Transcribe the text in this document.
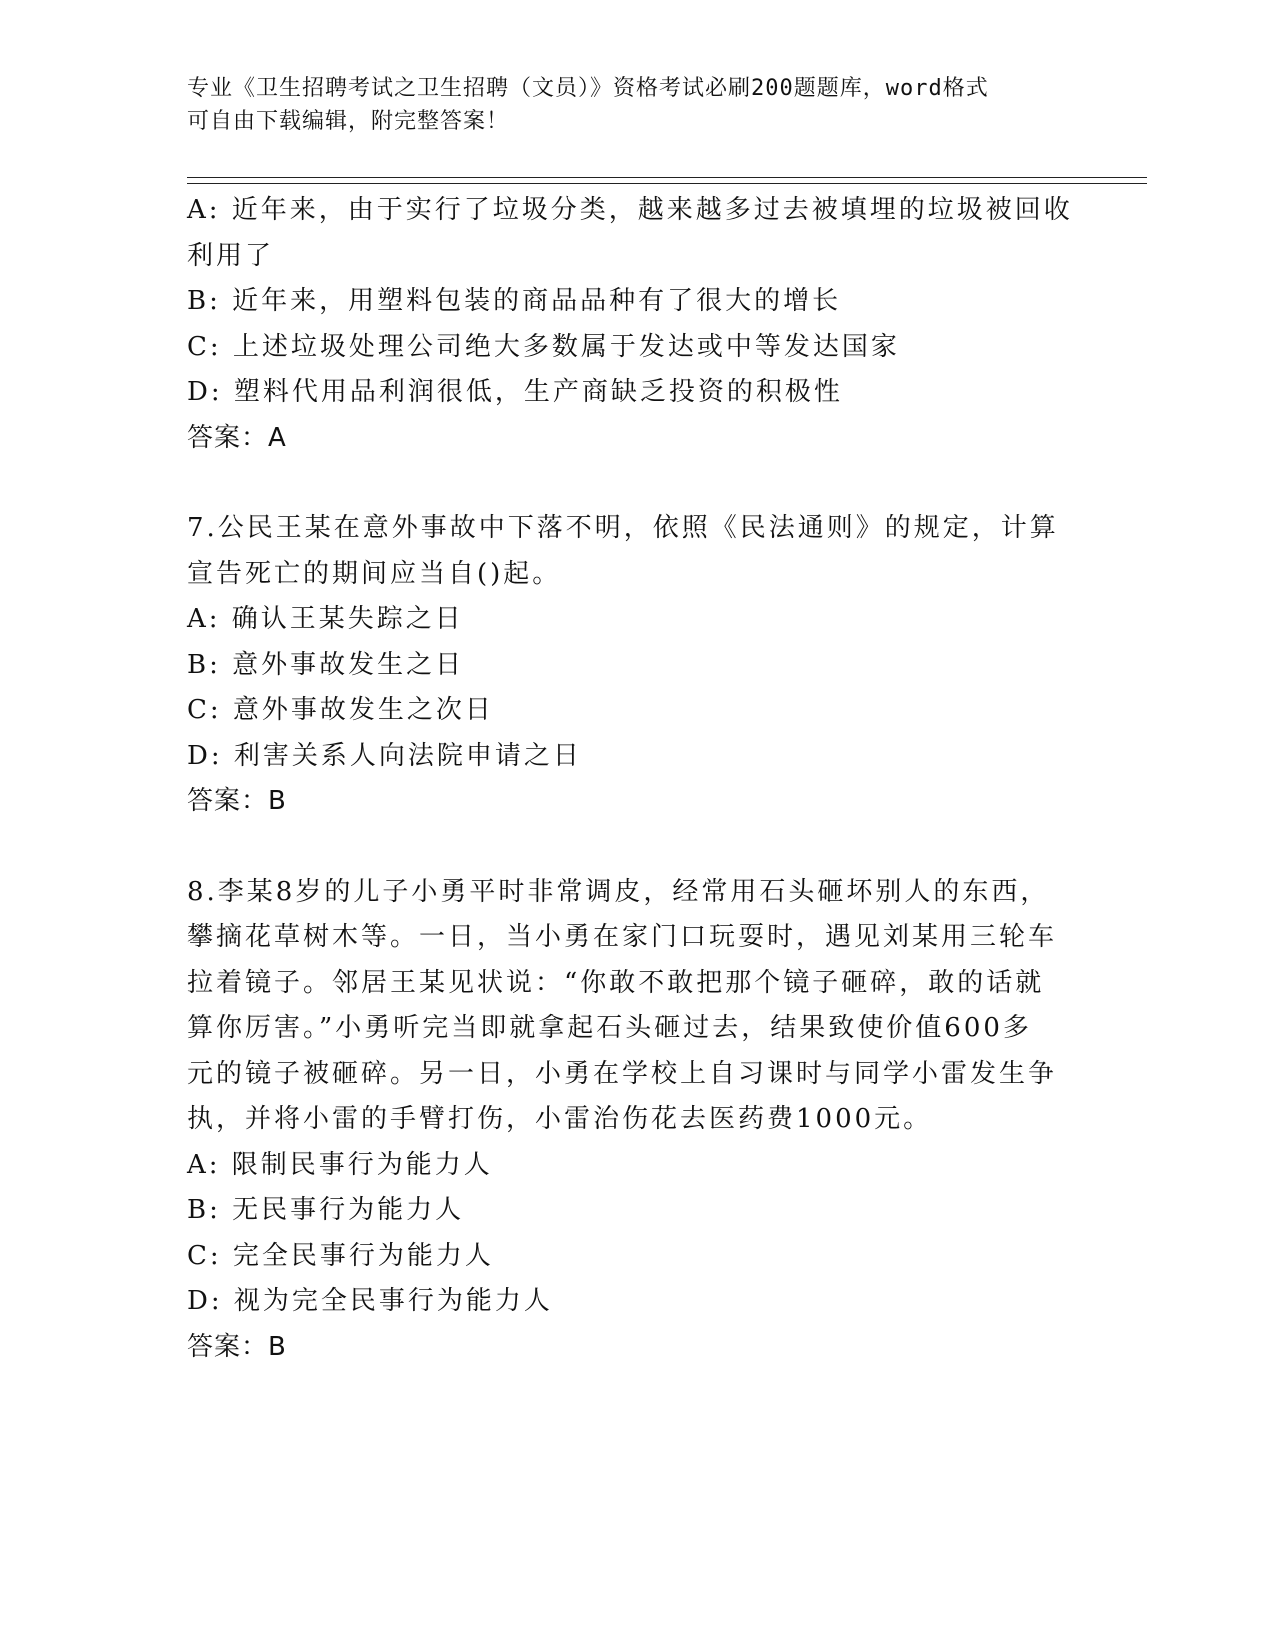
专业《卫生招聘考试之卫生招聘（文员）》资格考试必刷200题题库，word格式
可自由下载编辑，附完整答案！
A: 近年来，由于实行了垃圾分类，越来越多过去被填埋的垃圾被回收
利用了
B: 近年来，用塑料包装的商品品种有了很大的增长
C: 上述垃圾处理公司绝大多数属于发达或中等发达国家
D: 塑料代用品利润很低，生产商缺乏投资的积极性
答案：A
7.公民王某在意外事故中下落不明，依照《民法通则》的规定，计算
宣告死亡的期间应当自()起。
A: 确认王某失踪之日
B: 意外事故发生之日
C: 意外事故发生之次日
D: 利害关系人向法院申请之日
答案：B
8.李某8岁的儿子小勇平时非常调皮，经常用石头砸坏别人的东西，
攀摘花草树木等。一日，当小勇在家门口玩耍时，遇见刘某用三轮车
拉着镜子。邻居王某见状说：“你敢不敢把那个镜子砸碎，敢的话就
算你厉害。”小勇听完当即就拿起石头砸过去，结果致使价值600多
元的镜子被砸碎。另一日，小勇在学校上自习课时与同学小雷发生争
执，并将小雷的手臂打伤，小雷治伤花去医药费1000元。
A: 限制民事行为能力人
B: 无民事行为能力人
C: 完全民事行为能力人
D: 视为完全民事行为能力人
答案：B
